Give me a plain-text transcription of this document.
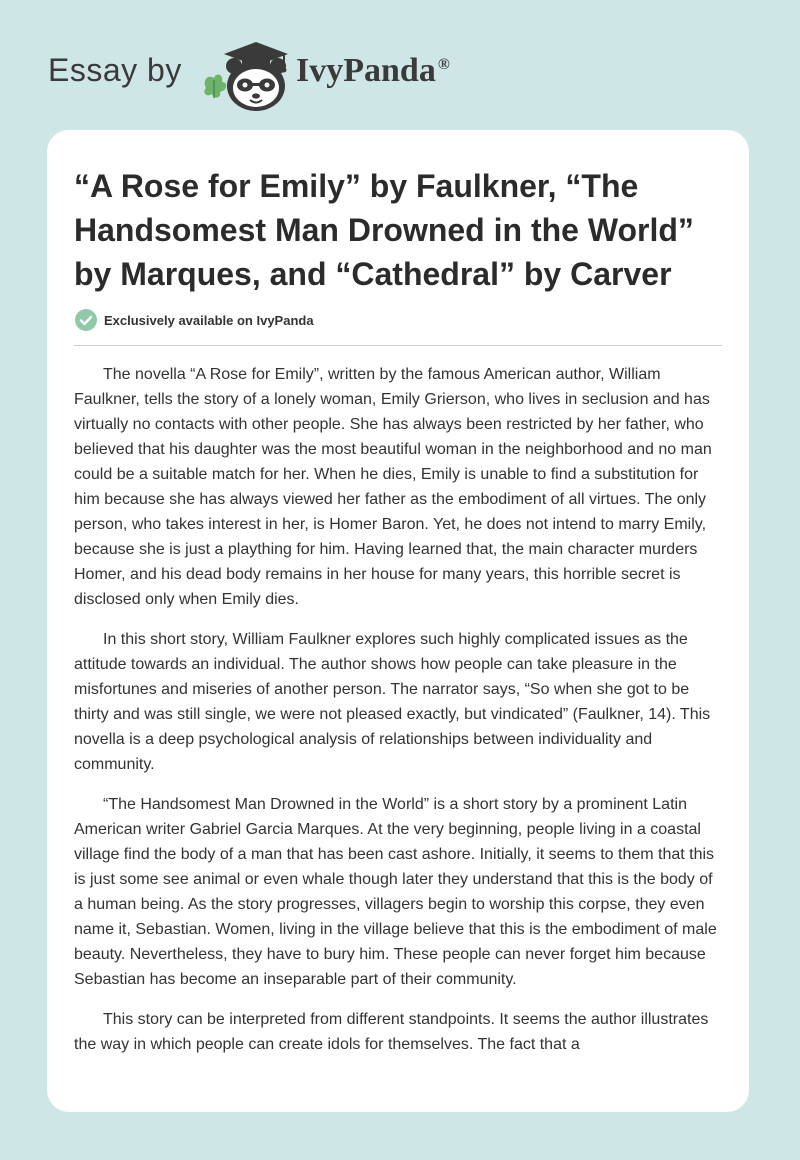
Essay by	IvyPanda ®
“A Rose for Emily” by Faulkner, “The Handsomest Man Drowned in the World” by Marques, and “Cathedral” by Carver
Exclusively available on IvyPanda

The novella “A Rose for Emily”, written by the famous American author, William Faulkner, tells the story of a lonely woman, Emily Grierson, who lives in seclusion and has virtually no contacts with other people. She has always been restricted by her father, who believed that his daughter was the most beautiful woman in the neighborhood and no man could be a suitable match for her. When he dies, Emily is unable to find a substitution for him because she has always viewed her father as the embodiment of all virtues. The only person, who takes interest in her, is Homer Baron. Yet, he does not intend to marry Emily, because she is just a plaything for him. Having learned that, the main character murders Homer, and his dead body remains in her house for many years, this horrible secret is disclosed only when Emily dies.

In this short story, William Faulkner explores such highly complicated issues as the attitude towards an individual. The author shows how people can take pleasure in the misfortunes and miseries of another person. The narrator says, “So when she got to be thirty and was still single, we were not pleased exactly, but vindicated” (Faulkner, 14). This novella is a deep psychological analysis of relationships between individuality and community.

“The Handsomest Man Drowned in the World” is a short story by a prominent Latin American writer Gabriel Garcia Marques. At the very beginning, people living in a coastal village find the body of a man that has been cast ashore. Initially, it seems to them that this is just some see animal or even whale though later they understand that this is the body of a human being. As the story progresses, villagers begin to worship this corpse, they even name it, Sebastian. Women, living in the village believe that this is the embodiment of male beauty. Nevertheless, they have to bury him. These people can never forget him because Sebastian has become an inseparable part of their community.

This story can be interpreted from different standpoints. It seems the author illustrates the way in which people can create idols for themselves. The fact that a
